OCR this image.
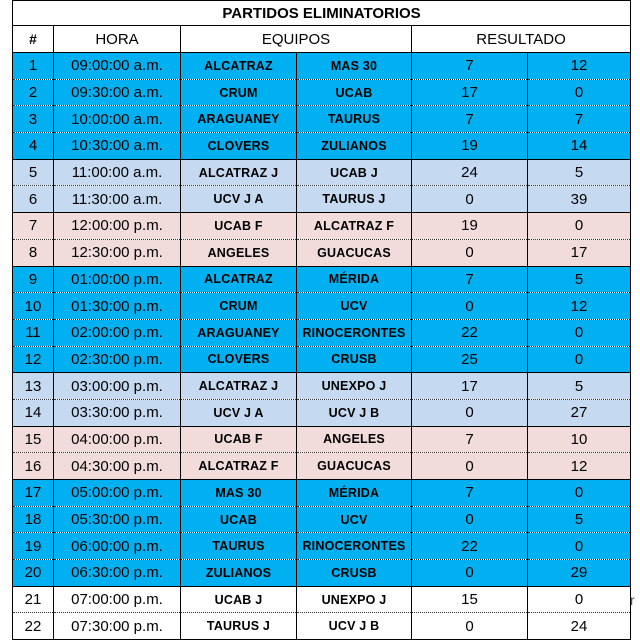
PARTIDOS ELIMINATORIOS					
#	HORA	EQUIPOS		RESULTADO	
1	09:00:00 a.m.	ALCATRAZ	MAS 30	7	12
2	09:30:00 a.m.	CRUM	UCAB	17	0
3	10:00:00 a.m.	ARAGUANEY	TAURUS	7	7
4	10:30:00 a.m.	CLOVERS	ZULIANOS	19	14
5	11:00:00 a.m.	ALCATRAZ J	UCAB J	24	5
6	11:30:00 a.m.	UCV J A	TAURUS J	0	39
7	12:00:00 p.m.	UCAB F	ALCATRAZ F	19	0
8	12:30:00 p.m.	ANGELES	GUACUCAS	0	17
9	01:00:00 p.m.	ALCATRAZ	MÉRIDA	7	5
10	01:30:00 p.m.	CRUM	UCV	0	12
11	02:00:00 p.m.	ARAGUANEY	RINOCERONTES	22	0
12	02:30:00 p.m.	CLOVERS	CRUSB	25	0
13	03:00:00 p.m.	ALCATRAZ J	UNEXPO J	17	5
14	03:30:00 p.m.	UCV J A	UCV J B	0	27
15	04:00:00 p.m.	UCAB F	ANGELES	7	10
16	04:30:00 p.m.	ALCATRAZ F	GUACUCAS	0	12
17	05:00:00 p.m.	MAS 30	MÉRIDA	7	0
18	05:30:00 p.m.	UCAB	UCV	0	5
19	06:00:00 p.m.	TAURUS	RINOCERONTES	22	0
20	06:30:00 p.m.	ZULIANOS	CRUSB	0	29
21	07:00:00 p.m.	UCAB J	UNEXPO J	15	0
22	07:30:00 p.m.	TAURUS J	UCV J B	0	24
r
